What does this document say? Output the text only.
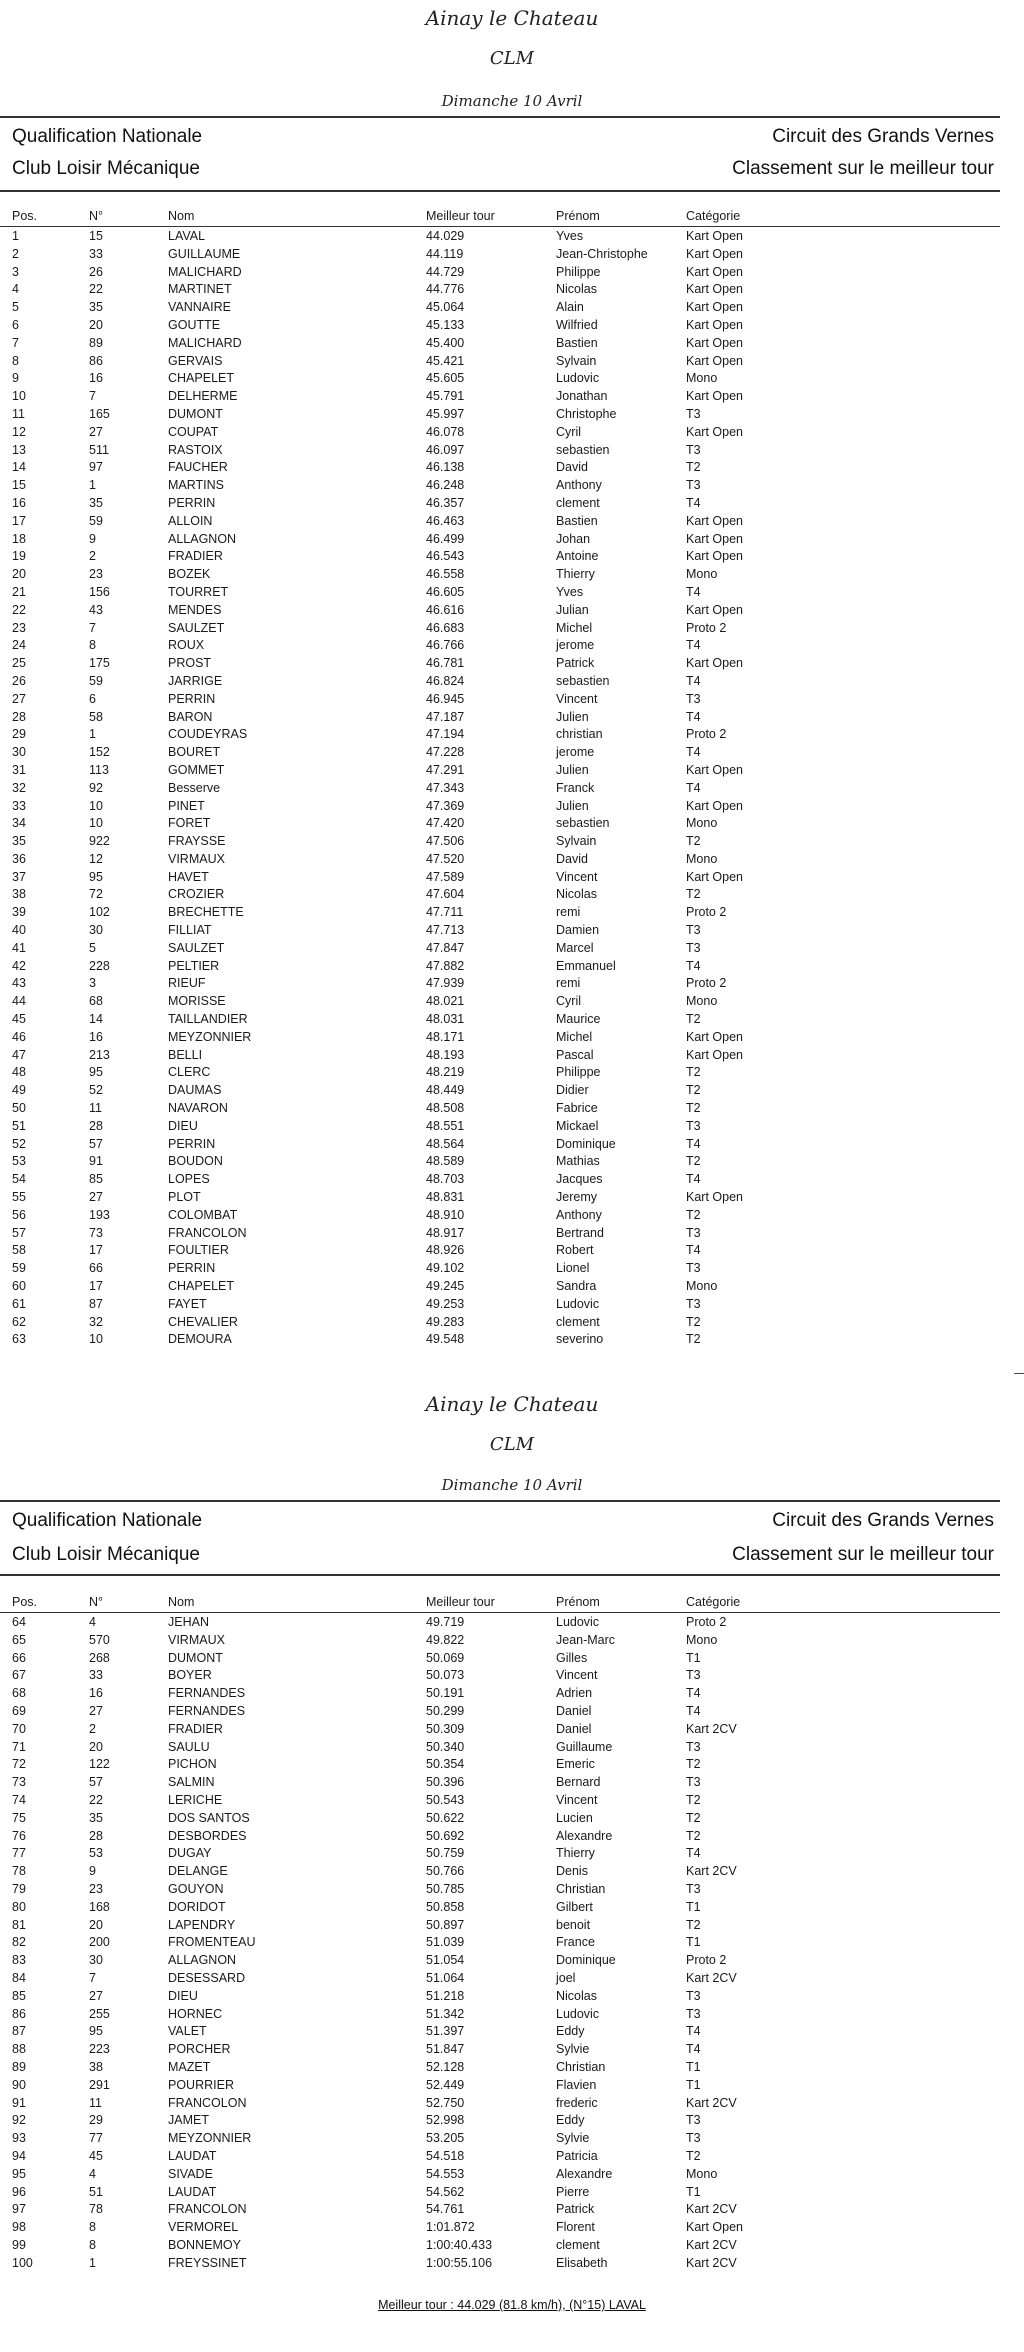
Ainay le Chateau
CLM
Dimanche 10 Avril
Qualification Nationale	Circuit des Grands Vernes
Club Loisir Mécanique	Classement sur le meilleur tour
Pos.	N°	Nom	Meilleur tour	Prénom	Catégorie
1	15	LAVAL	44.029	Yves	Kart Open
2	33	GUILLAUME	44.119	Jean-Christophe	Kart Open
3	26	MALICHARD	44.729	Philippe	Kart Open
4	22	MARTINET	44.776	Nicolas	Kart Open
5	35	VANNAIRE	45.064	Alain	Kart Open
6	20	GOUTTE	45.133	Wilfried	Kart Open
7	89	MALICHARD	45.400	Bastien	Kart Open
8	86	GERVAIS	45.421	Sylvain	Kart Open
9	16	CHAPELET	45.605	Ludovic	Mono
10	7	DELHERME	45.791	Jonathan	Kart Open
11	165	DUMONT	45.997	Christophe	T3
12	27	COUPAT	46.078	Cyril	Kart Open
13	511	RASTOIX	46.097	sebastien	T3
14	97	FAUCHER	46.138	David	T2
15	1	MARTINS	46.248	Anthony	T3
16	35	PERRIN	46.357	clement	T4
17	59	ALLOIN	46.463	Bastien	Kart Open
18	9	ALLAGNON	46.499	Johan	Kart Open
19	2	FRADIER	46.543	Antoine	Kart Open
20	23	BOZEK	46.558	Thierry	Mono
21	156	TOURRET	46.605	Yves	T4
22	43	MENDES	46.616	Julian	Kart Open
23	7	SAULZET	46.683	Michel	Proto 2
24	8	ROUX	46.766	jerome	T4
25	175	PROST	46.781	Patrick	Kart Open
26	59	JARRIGE	46.824	sebastien	T4
27	6	PERRIN	46.945	Vincent	T3
28	58	BARON	47.187	Julien	T4
29	1	COUDEYRAS	47.194	christian	Proto 2
30	152	BOURET	47.228	jerome	T4
31	113	GOMMET	47.291	Julien	Kart Open
32	92	Besserve	47.343	Franck	T4
33	10	PINET	47.369	Julien	Kart Open
34	10	FORET	47.420	sebastien	Mono
35	922	FRAYSSE	47.506	Sylvain	T2
36	12	VIRMAUX	47.520	David	Mono
37	95	HAVET	47.589	Vincent	Kart Open
38	72	CROZIER	47.604	Nicolas	T2
39	102	BRECHETTE	47.711	remi	Proto 2
40	30	FILLIAT	47.713	Damien	T3
41	5	SAULZET	47.847	Marcel	T3
42	228	PELTIER	47.882	Emmanuel	T4
43	3	RIEUF	47.939	remi	Proto 2
44	68	MORISSE	48.021	Cyril	Mono
45	14	TAILLANDIER	48.031	Maurice	T2
46	16	MEYZONNIER	48.171	Michel	Kart Open
47	213	BELLI	48.193	Pascal	Kart Open
48	95	CLERC	48.219	Philippe	T2
49	52	DAUMAS	48.449	Didier	T2
50	11	NAVARON	48.508	Fabrice	T2
51	28	DIEU	48.551	Mickael	T3
52	57	PERRIN	48.564	Dominique	T4
53	91	BOUDON	48.589	Mathias	T2
54	85	LOPES	48.703	Jacques	T4
55	27	PLOT	48.831	Jeremy	Kart Open
56	193	COLOMBAT	48.910	Anthony	T2
57	73	FRANCOLON	48.917	Bertrand	T3
58	17	FOULTIER	48.926	Robert	T4
59	66	PERRIN	49.102	Lionel	T3
60	17	CHAPELET	49.245	Sandra	Mono
61	87	FAYET	49.253	Ludovic	T3
62	32	CHEVALIER	49.283	clement	T2
63	10	DEMOURA	49.548	severino	T2
Ainay le Chateau
CLM
Dimanche 10 Avril
Qualification Nationale	Circuit des Grands Vernes
Club Loisir Mécanique	Classement sur le meilleur tour
Pos.	N°	Nom	Meilleur tour	Prénom	Catégorie
64	4	JEHAN	49.719	Ludovic	Proto 2
65	570	VIRMAUX	49.822	Jean-Marc	Mono
66	268	DUMONT	50.069	Gilles	T1
67	33	BOYER	50.073	Vincent	T3
68	16	FERNANDES	50.191	Adrien	T4
69	27	FERNANDES	50.299	Daniel	T4
70	2	FRADIER	50.309	Daniel	Kart 2CV
71	20	SAULU	50.340	Guillaume	T3
72	122	PICHON	50.354	Emeric	T2
73	57	SALMIN	50.396	Bernard	T3
74	22	LERICHE	50.543	Vincent	T2
75	35	DOS SANTOS	50.622	Lucien	T2
76	28	DESBORDES	50.692	Alexandre	T2
77	53	DUGAY	50.759	Thierry	T4
78	9	DELANGE	50.766	Denis	Kart 2CV
79	23	GOUYON	50.785	Christian	T3
80	168	DORIDOT	50.858	Gilbert	T1
81	20	LAPENDRY	50.897	benoit	T2
82	200	FROMENTEAU	51.039	France	T1
83	30	ALLAGNON	51.054	Dominique	Proto 2
84	7	DESESSARD	51.064	joel	Kart 2CV
85	27	DIEU	51.218	Nicolas	T3
86	255	HORNEC	51.342	Ludovic	T3
87	95	VALET	51.397	Eddy	T4
88	223	PORCHER	51.847	Sylvie	T4
89	38	MAZET	52.128	Christian	T1
90	291	POURRIER	52.449	Flavien	T1
91	11	FRANCOLON	52.750	frederic	Kart 2CV
92	29	JAMET	52.998	Eddy	T3
93	77	MEYZONNIER	53.205	Sylvie	T3
94	45	LAUDAT	54.518	Patricia	T2
95	4	SIVADE	54.553	Alexandre	Mono
96	51	LAUDAT	54.562	Pierre	T1
97	78	FRANCOLON	54.761	Patrick	Kart 2CV
98	8	VERMOREL	1:01.872	Florent	Kart Open
99	8	BONNEMOY	1:00:40.433	clement	Kart 2CV
100	1	FREYSSINET	1:00:55.106	Elisabeth	Kart 2CV
Meilleur tour : 44.029 (81.8 km/h), (N°15) LAVAL
